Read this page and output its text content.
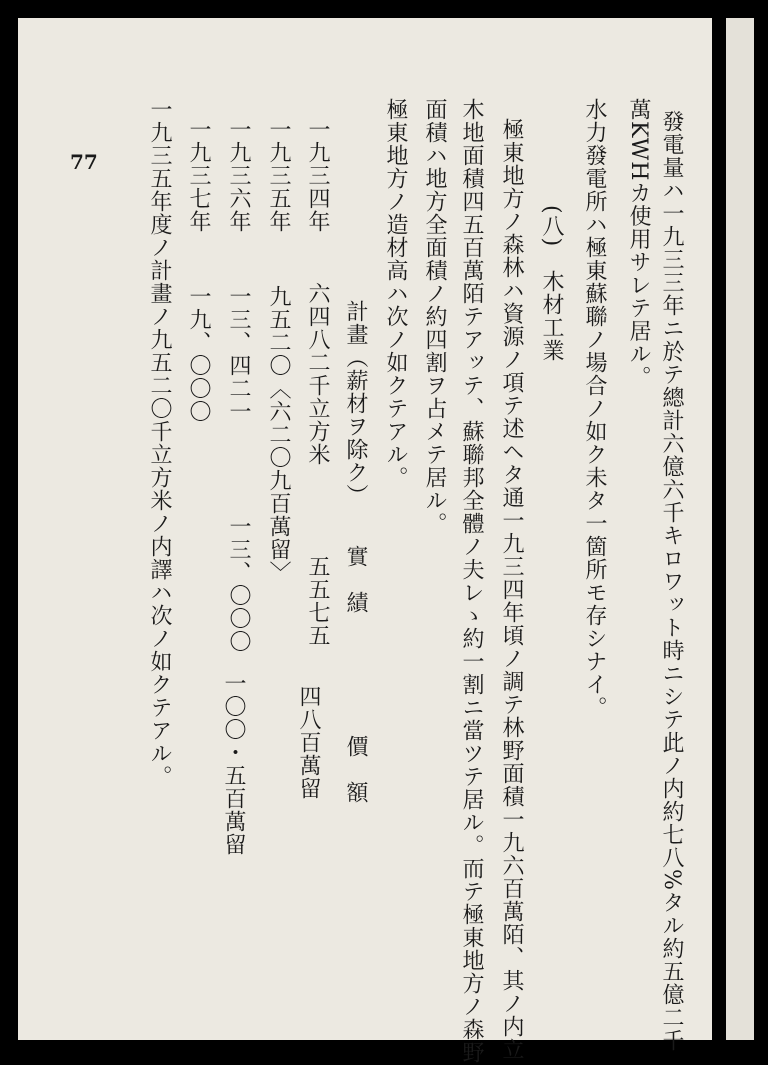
77	發電量ハ一九三三年ニ於テ總計六億六千キロワット時ニシテ此ノ内約七八%タル約五億二千
萬KWHカ使用サレテ居ル。
水力發電所ハ極東蘇聯ノ場合ノ如ク未タ一箇所モ存シナイ。
(八)　木材工業
極東地方ノ森林ハ資源ノ項テ述ヘタ通一九三四年頃ノ調テ林野面積一九六百萬陌、其ノ内立
木地面積四五百萬陌テアッテ、蘇聯邦全體ノ夫レゝ約一割ニ當ツテ居ル。而テ極東地方ノ森野
面積ハ地方全面積ノ約四割ヲ占メテ居ル。
極東地方ノ造材高ハ次ノ如クテアル。
計畫（薪材ヲ除ク）
實　績
價　額
一九三四年
六四八二千立方米
五五七五
四八百萬留
一九三五年
九五二〇〈六二〇九百萬留〉
一九三六年
一三、四二一
一三、〇〇〇
一〇〇・五百萬留
一九三七年
一九、〇〇〇
一九三五年度ノ計畫ノ九五二〇千立方米ノ内譯ハ次ノ如クテアル。
